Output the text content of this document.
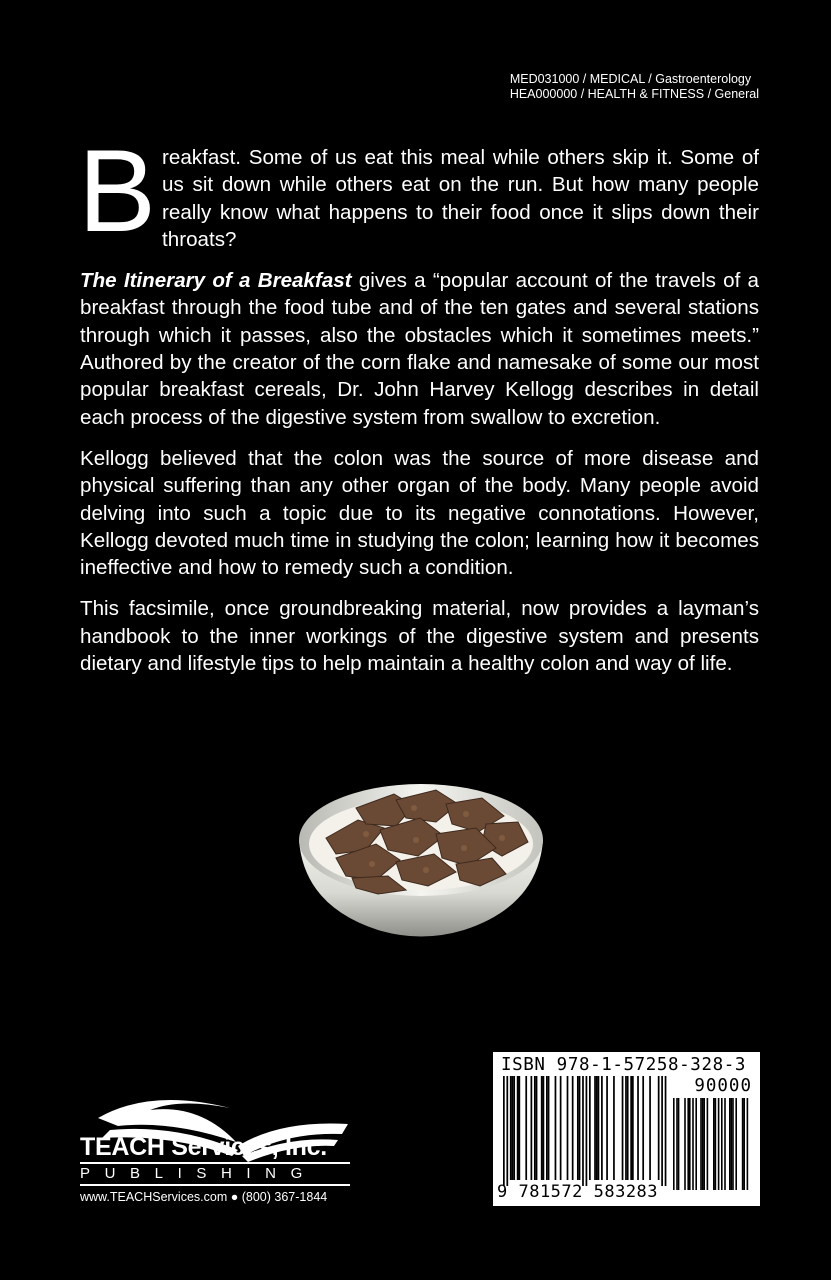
MED031000 / MEDICAL / Gastroenterology
HEA000000 / HEALTH & FITNESS / General

Breakfast. Some of us eat this meal while others skip it. Some of us sit down while others eat on the run. But how many people really know what happens to their food once it slips down their throats?

The Itinerary of a Breakfast gives a “popular account of the travels of a breakfast through the food tube and of the ten gates and several stations through which it passes, also the obstacles which it sometimes meets.” Authored by the creator of the corn flake and namesake of some our most popular breakfast cereals, Dr. John Harvey Kellogg describes in detail each process of the digestive system from swallow to excretion.

Kellogg believed that the colon was the source of more disease and physical suffering than any other organ of the body. Many people avoid delving into such a topic due to its negative connotations. However, Kellogg devoted much time in studying the colon; learning how it becomes ineffective and how to remedy such a condition.

This facsimile, once groundbreaking material, now provides a layman’s handbook to the inner workings of the digestive system and presents dietary and lifestyle tips to help maintain a healthy colon and way of life.

TEACH Services, Inc.
PUBLISHING
www.TEACHServices.com ● (800) 367-1844
ISBN 978-1-57258-328-3
90000
9 781572 583283
